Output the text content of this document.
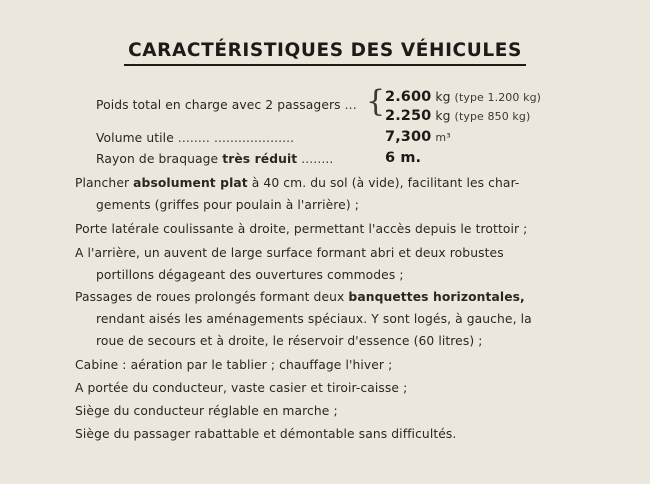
CARACTÉRISTIQUES DES VÉHICULES
Poids total en charge avec 2 passagers ... { 2.600 kg (type 1.200 kg)
2.250 kg (type 850 kg)
Volume utile ........ ....................	7,300 m³
Rayon de braquage très réduit ........	6 m.
Plancher absolument plat à 40 cm. du sol (à vide), facilitant les char-
gements (griffes pour poulain à l'arrière) ;
Porte latérale coulissante à droite, permettant l'accès depuis le trottoir ;
A l'arrière, un auvent de large surface formant abri et deux robustes
portillons dégageant des ouvertures commodes ;
Passages de roues prolongés formant deux banquettes horizontales,
rendant aisés les aménagements spéciaux. Y sont logés, à gauche, la
roue de secours et à droite, le réservoir d'essence (60 litres) ;
Cabine : aération par le tablier ; chauffage l'hiver ;
A portée du conducteur, vaste casier et tiroir-caisse ;
Siège du conducteur réglable en marche ;
Siège du passager rabattable et démontable sans difficultés.
